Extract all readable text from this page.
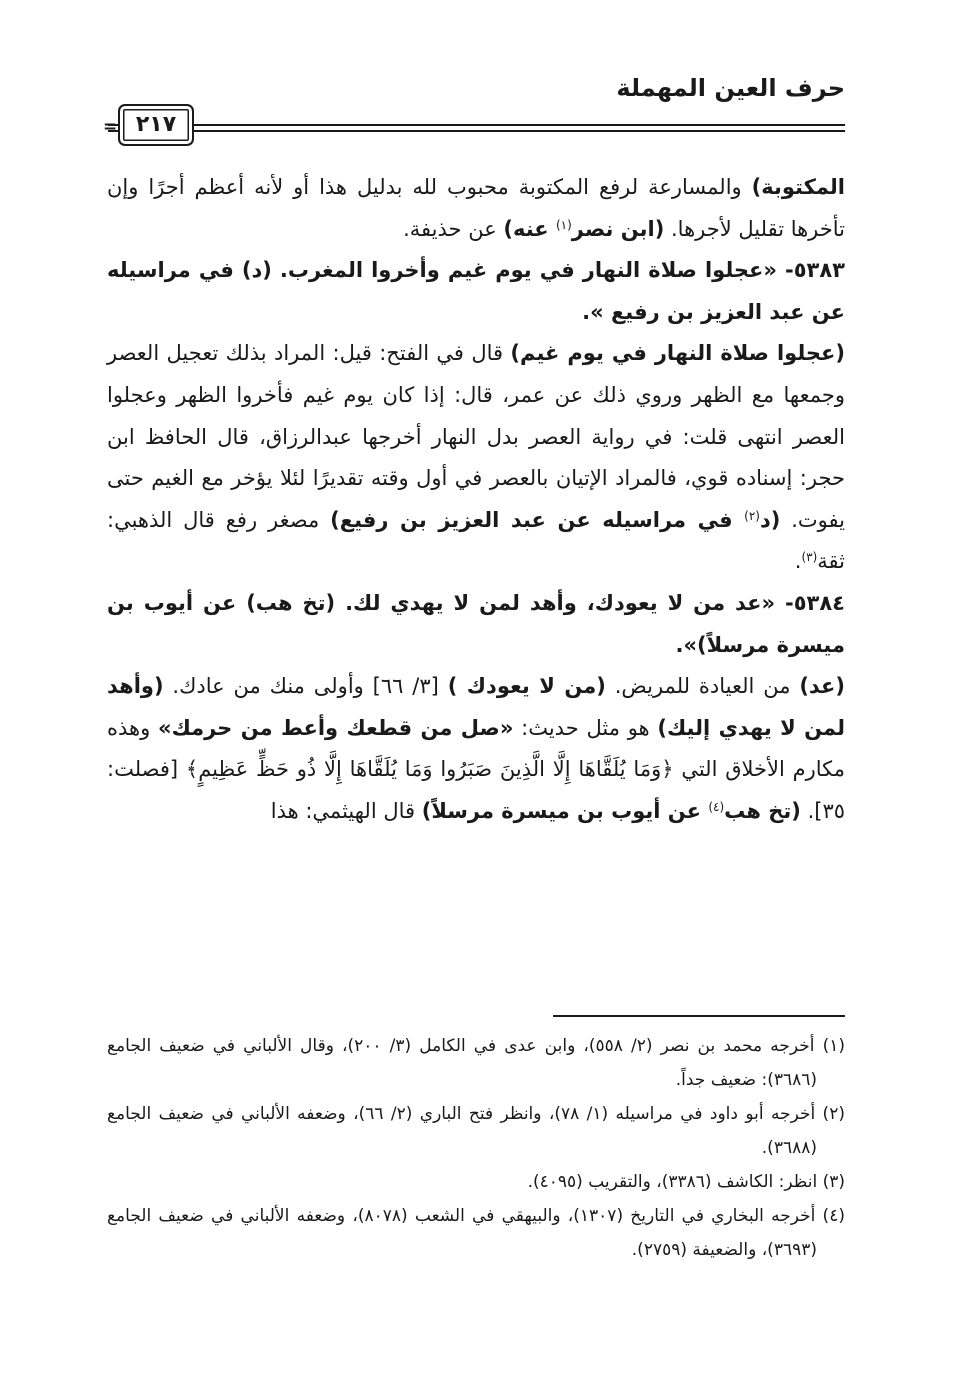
حرف العين المهملة
= ٢١٧

المكتوبة) والمسارعة لرفع المكتوبة محبوب لله بدليل هذا أو لأنه أعظم أجرًا وإن تأخرها تقليل لأجرها. (ابن نصر$^{(١)}$ عنه) عن حذيفة.

٥٣٨٣- «عجلوا صلاة النهار في يوم غيم وأخروا المغرب. (د) في مراسيله عن عبد العزيز بن رفيع ».

(عجلوا صلاة النهار في يوم غيم) قال في الفتح: قيل: المراد بذلك تعجيل العصر وجمعها مع الظهر وروي ذلك عن عمر، قال: إذا كان يوم غيم فأخروا الظهر وعجلوا العصر انتهى قلت: في رواية العصر بدل النهار أخرجها عبدالرزاق، قال الحافظ ابن حجر: إسناده قوي، فالمراد الإتيان بالعصر في أول وقته تقديرًا لئلا يؤخر مع الغيم حتى يفوت. (د$^{(٢)}$ في مراسيله عن عبد العزيز بن رفيع) مصغر رفع قال الذهبي: ثقة$^{(٣)}$.

٥٣٨٤- «عد من لا يعودك، وأهد لمن لا يهدي لك. (تخ هب) عن أيوب بن ميسرة مرسلاً)».

(عد) من العيادة للمريض. (من لا يعودك ) [٣/ ٦٦] وأولى منك من عادك. (وأهد لمن لا يهدي إليك) هو مثل حديث: «صل من قطعك وأعط من حرمك» وهذه مكارم الأخلاق التي ﴿وَمَا يُلَقَّاهَا إِلَّا الَّذِينَ صَبَرُوا وَمَا يُلَقَّاهَا إِلَّا ذُو حَظٍّ عَظِيمٍ﴾ [فصلت: ٣٥]. (تخ هب$^{(٤)}$ عن أيوب بن ميسرة مرسلاً) قال الهيثمي: هذا

(١) أخرجه محمد بن نصر (٢/ ٥٥٨)، وابن عدى في الكامل (٣/ ٢٠٠)، وقال الألباني في ضعيف الجامع (٣٦٨٦): ضعيف جداً.

(٢) أخرجه أبو داود في مراسيله (١/ ٧٨)، وانظر فتح الباري (٢/ ٦٦)، وضعفه الألباني في ضعيف الجامع (٣٦٨٨).

(٣) انظر: الكاشف (٣٣٨٦)، والتقريب (٤٠٩٥).

(٤) أخرجه البخاري في التاريخ (١٣٠٧)، والبيهقي في الشعب (٨٠٧٨)، وضعفه الألباني في ضعيف الجامع (٣٦٩٣)، والضعيفة (٢٧٥٩).
